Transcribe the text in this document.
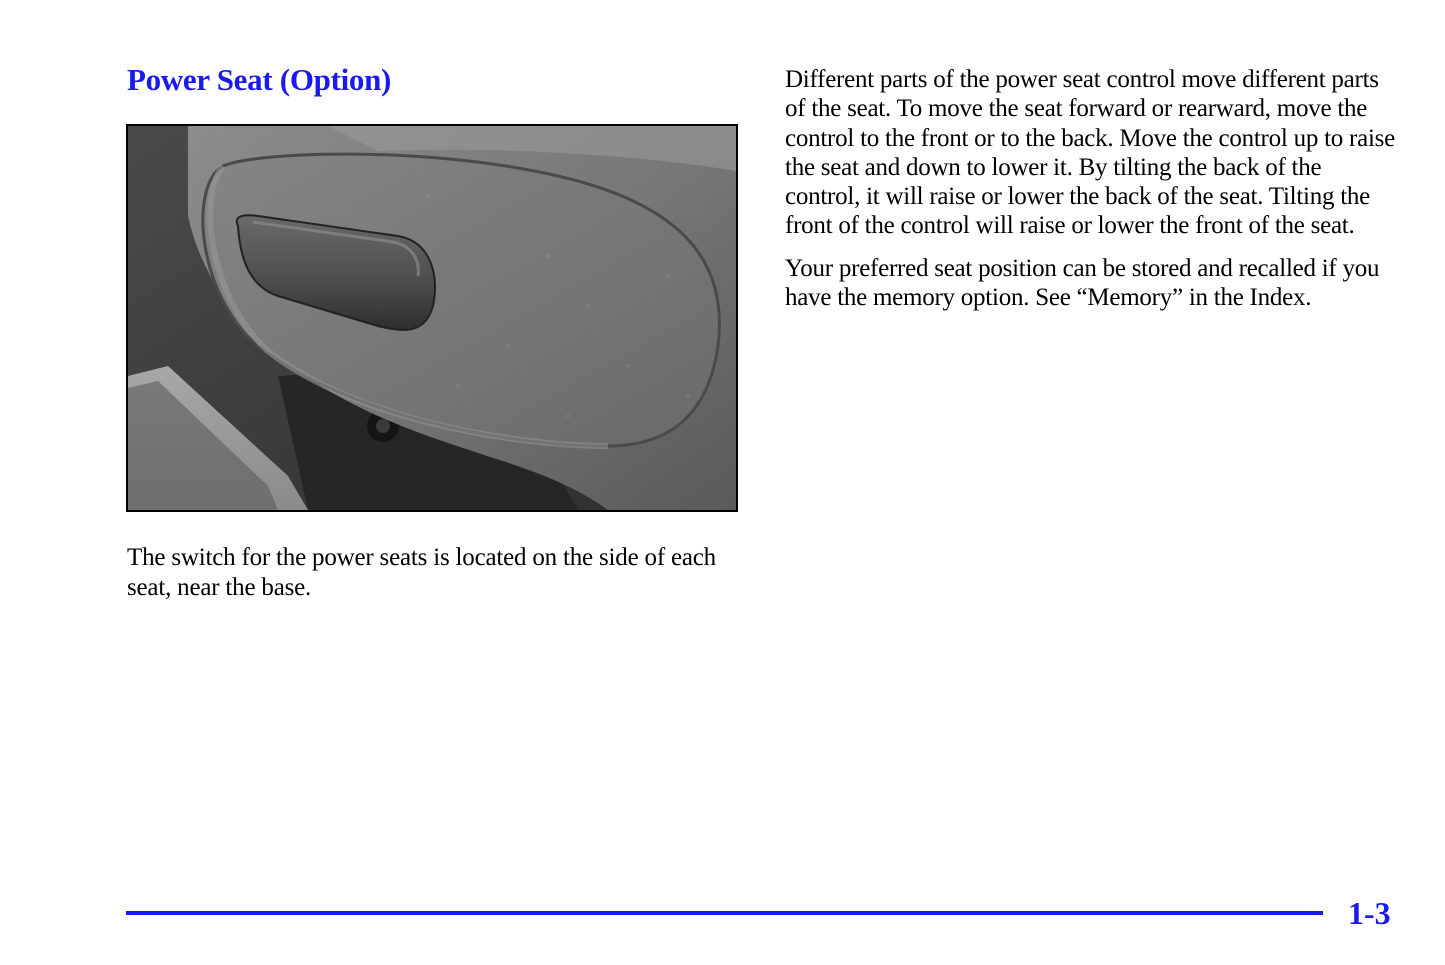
Power Seat (Option)
The switch for the power seats is located on the side of each seat, near the base.

Different parts of the power seat control move different parts of the seat. To move the seat forward or rearward, move the control to the front or to the back. Move the control up to raise the seat and down to lower it. By tilting the back of the control, it will raise or lower the back of the seat. Tilting the front of the control will raise or lower the front of the seat.

Your preferred seat position can be stored and recalled if you have the memory option. See “Memory” in the Index.

1-3
